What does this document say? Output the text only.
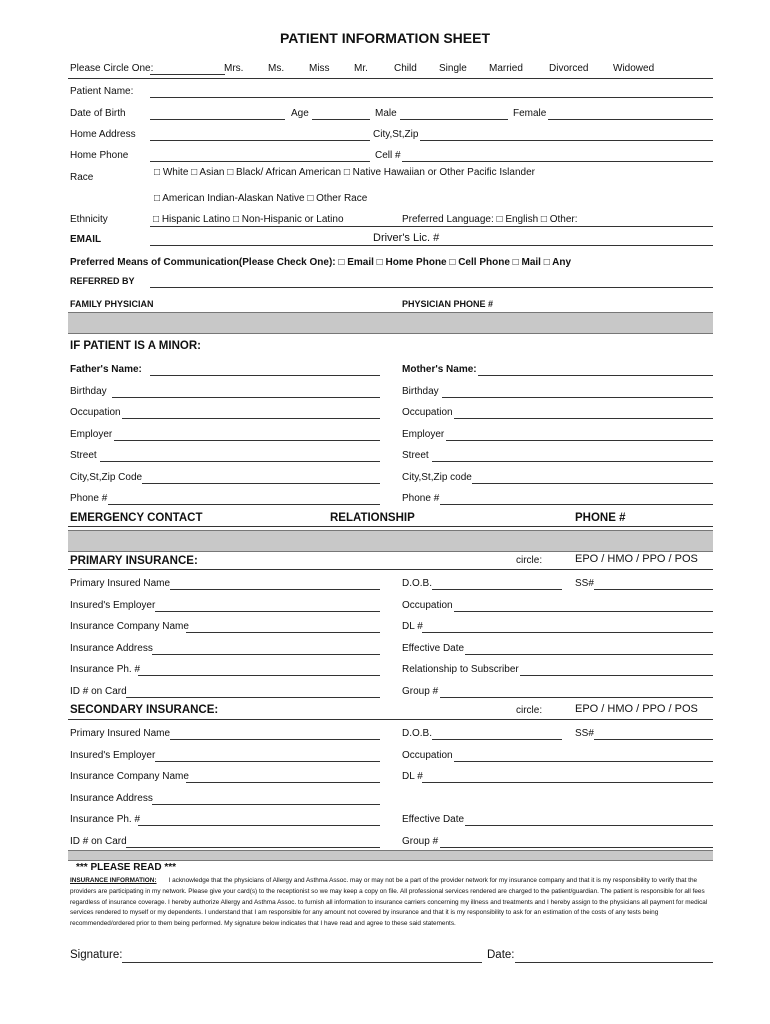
PATIENT INFORMATION SHEET
Please Circle One:	Mrs. Ms. Miss Mr.	Child Single Married	Divorced Widowed
Patient Name:
Date of Birth	Age	Male	Female
Home Address	City,St,Zip
Home Phone	Cell #
Race	□ White □ Asian □ Black/ African American □ Native Hawaiian or Other Pacific Islander
□ American Indian-Alaskan Native □ Other Race
Ethnicity	□ Hispanic Latino □ Non-Hispanic or Latino	Preferred Language: □ English □ Other:
EMAIL	Driver's Lic. #
Preferred Means of Communication(Please Check One): □ Email □ Home Phone □ Cell Phone □ Mail □ Any
REFERRED BY
FAMILY PHYSICIAN	PHYSICIAN PHONE #
IF PATIENT IS A MINOR:
Father's Name:	Mother's Name:
Birthday	Birthday
Occupation	Occupation
Employer	Employer
Street	Street
City,St,Zip Code	City,St,Zip code
Phone #	Phone #
EMERGENCY CONTACT	RELATIONSHIP	PHONE #
PRIMARY INSURANCE:	circle:	EPO / HMO / PPO / POS
Primary Insured Name	D.O.B.	SS#
Insured's Employer	Occupation
Insurance Company Name	DL #
Insurance Address	Effective Date
Insurance Ph. #	Relationship to Subscriber
ID # on Card	Group #
SECONDARY INSURANCE:	circle:	EPO / HMO / PPO / POS
Primary Insured Name	D.O.B.	SS#
Insured's Employer	Occupation
Insurance Company Name	DL #
Insurance Address
Insurance Ph. #	Effective Date
ID # on Card	Group #
*** PLEASE READ ***
INSURANCE INFORMATION: I acknowledge that the physicians of Allergy and Asthma Assoc. may or may not be a part of the provider network for my insurance company and that it is my responsibility to verify that the providers are participating in my network. Please give your card(s) to the receptionist so we may keep a copy on file. All professional services rendered are charged to the patient/guardian. The patient is responsible for all fees regardless of insurance coverage. I hereby authorize Allergy and Asthma Assoc. to furnish all information to insurance carriers concerning my illness and treatments and I hereby assign to the physicians all payment for medical services rendered to myself or my dependents. I understand that I am responsible for any amount not covered by insurance and that it is my responsibility to ask for an estimation of the costs of any tests being recommended/ordered prior to them being performed. My signature below indicates that I have read and agree to these said statements.
Signature:	Date:
